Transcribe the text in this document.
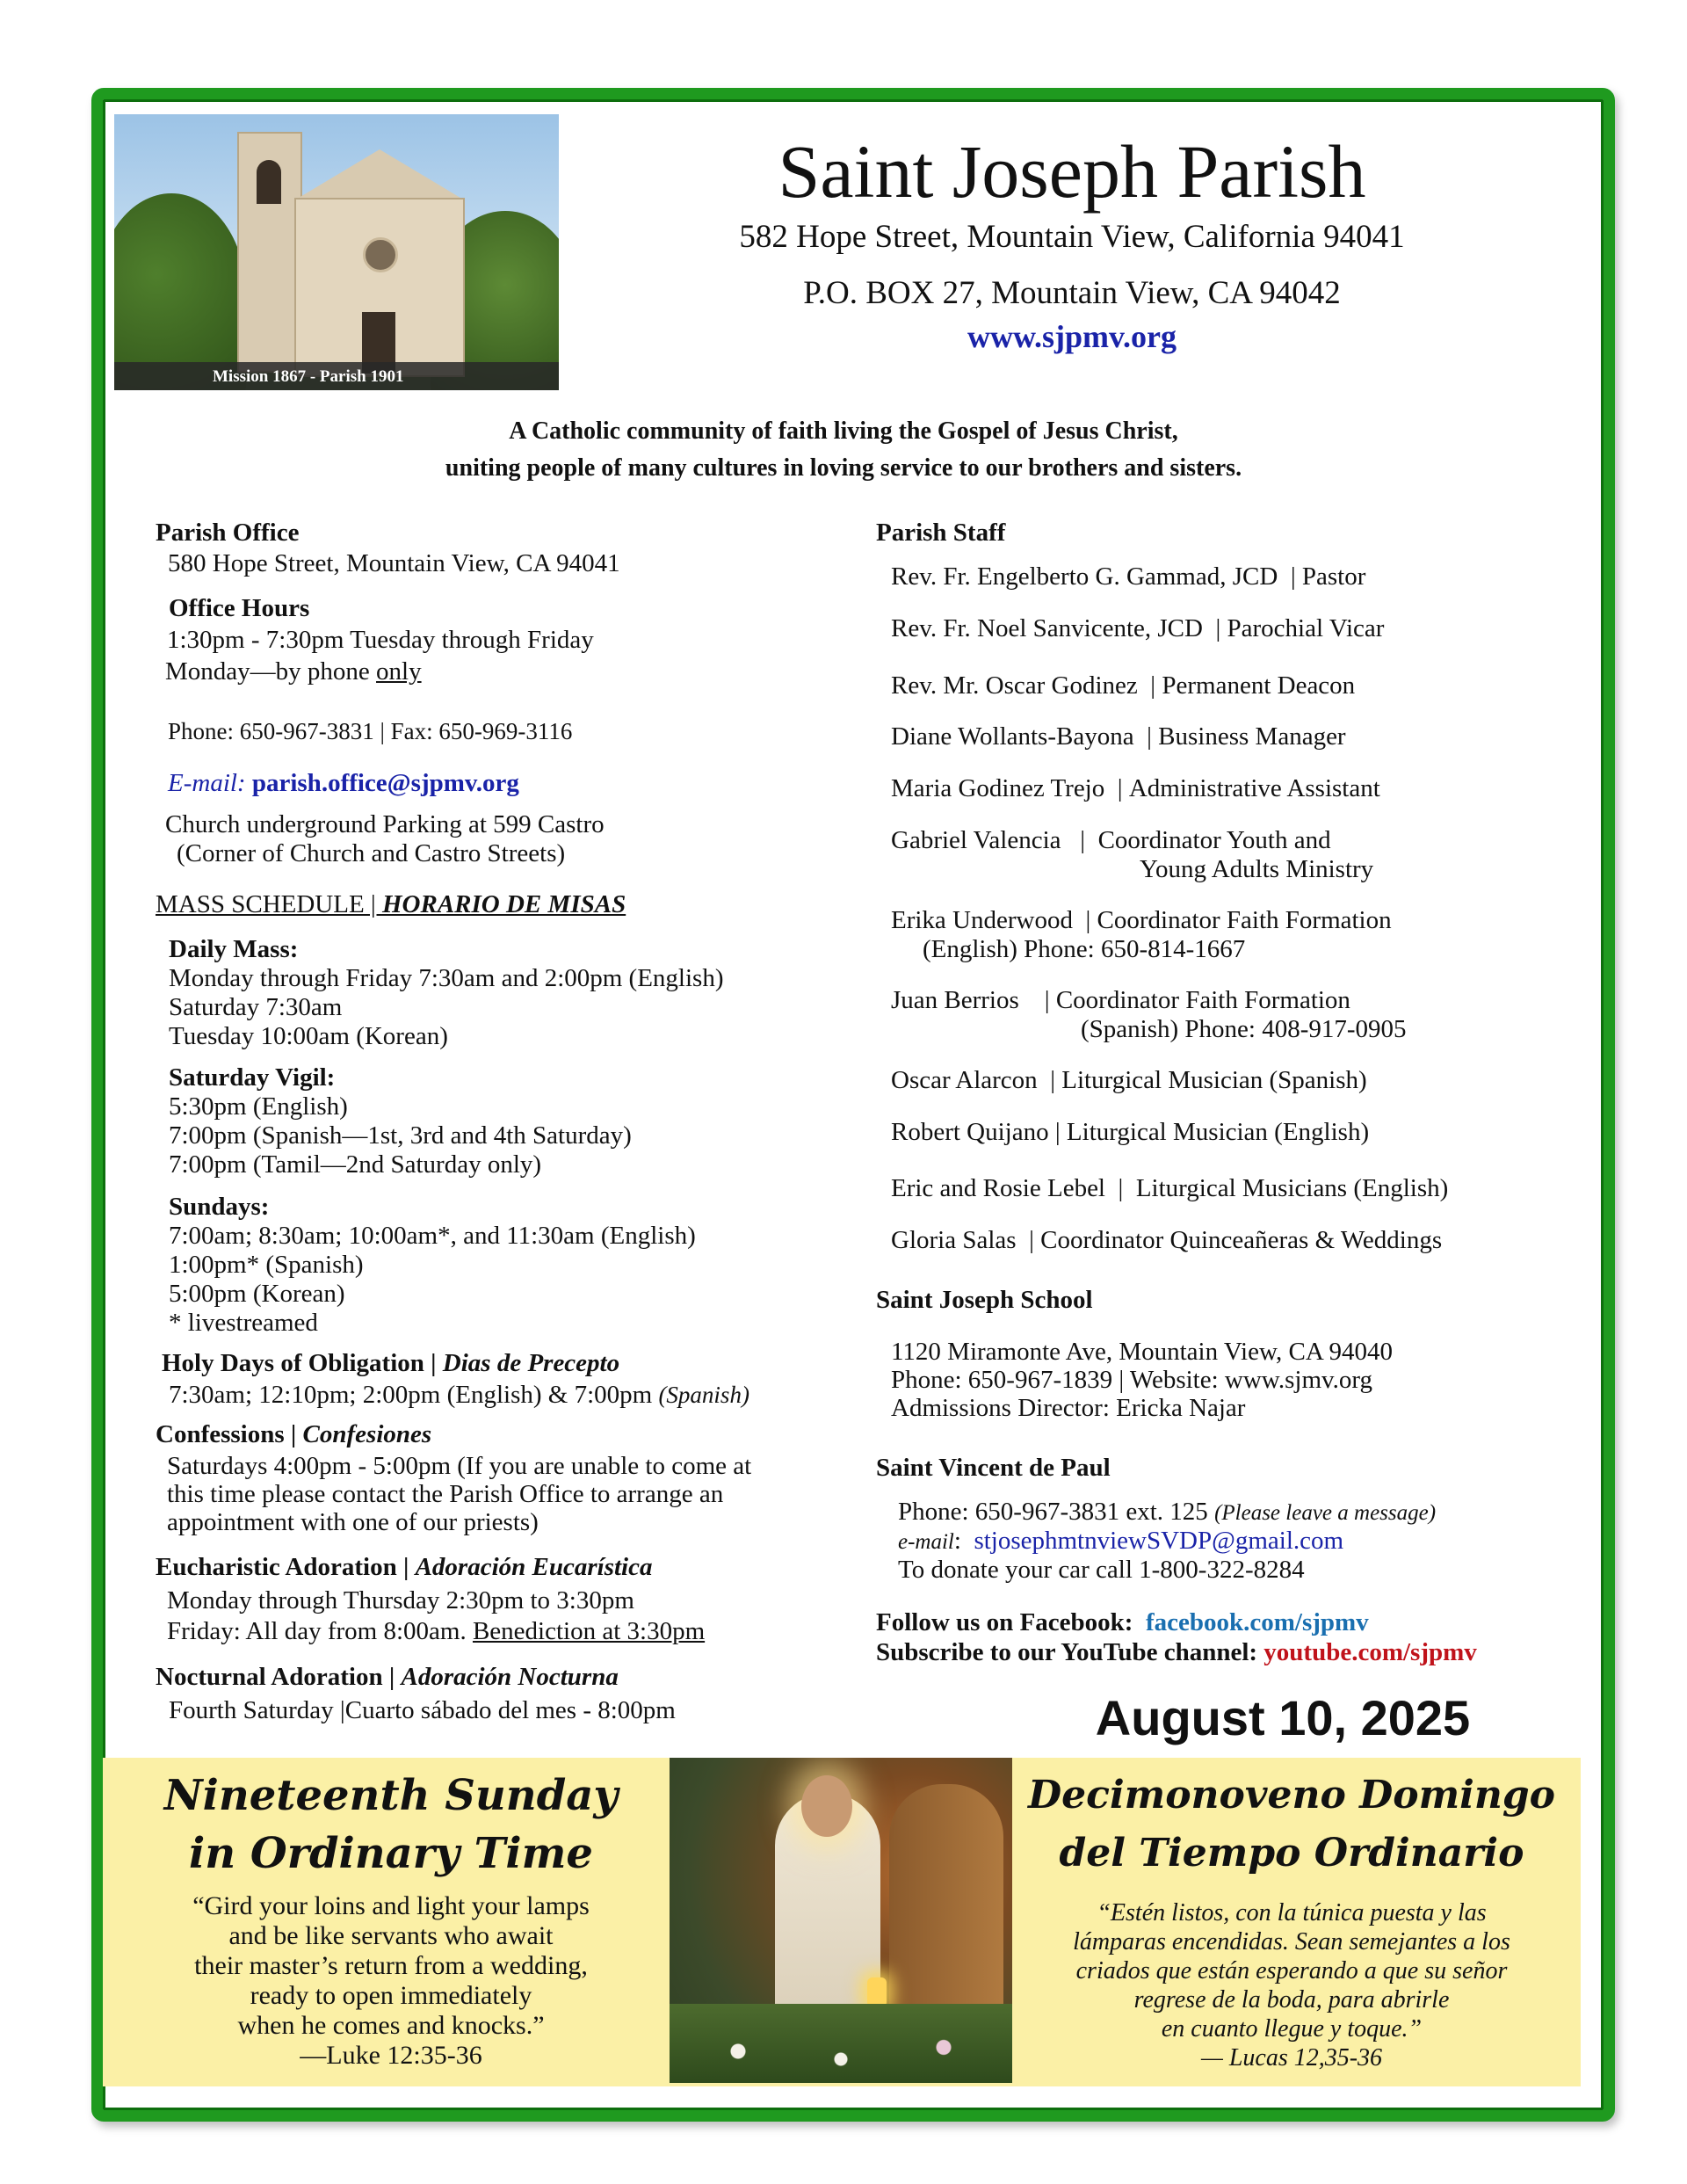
Mission 1867 - Parish 1901
Saint Joseph Parish
582 Hope Street, Mountain View, California 94041
P.O. BOX 27, Mountain View, CA 94042
www.sjpmv.org
A Catholic community of faith living the Gospel of Jesus Christ,
uniting people of many cultures in loving service to our brothers and sisters.
Parish Office
580 Hope Street, Mountain View, CA 94041
Office Hours
1:30pm - 7:30pm Tuesday through Friday
Monday—by phone only
Phone: 650-967-3831 | Fax: 650-969-3116
E-mail: parish.office@sjpmv.org
Church underground Parking at 599 Castro
(Corner of Church and Castro Streets)
MASS SCHEDULE | HORARIO DE MISAS
Daily Mass:
Monday through Friday 7:30am and 2:00pm (English)
Saturday 7:30am
Tuesday 10:00am (Korean)
Saturday Vigil:
5:30pm (English)
7:00pm (Spanish—1st, 3rd and 4th Saturday)
7:00pm (Tamil—2nd Saturday only)
Sundays:
7:00am; 8:30am; 10:00am*, and 11:30am (English)
1:00pm* (Spanish)
5:00pm (Korean)
* livestreamed
Holy Days of Obligation | Dias de Precepto
7:30am; 12:10pm; 2:00pm (English) & 7:00pm (Spanish)
Confessions | Confesiones
Saturdays 4:00pm - 5:00pm (If you are unable to come at
this time please contact the Parish Office to arrange an
appointment with one of our priests)
Eucharistic Adoration | Adoración Eucarística
Monday through Thursday 2:30pm to 3:30pm
Friday: All day from 8:00am. Benediction at 3:30pm
Nocturnal Adoration | Adoración Nocturna
Fourth Saturday |Cuarto sábado del mes - 8:00pm
Parish Staff
Rev. Fr. Engelberto G. Gammad, JCD  | Pastor
Rev. Fr. Noel Sanvicente, JCD  | Parochial Vicar
Rev. Mr. Oscar Godinez  | Permanent Deacon
Diane Wollants-Bayona  | Business Manager
Maria Godinez Trejo  | Administrative Assistant
Gabriel Valencia   |  Coordinator Youth and
Young Adults Ministry
Erika Underwood  | Coordinator Faith Formation
(English) Phone: 650-814-1667
Juan Berrios    | Coordinator Faith Formation
(Spanish) Phone: 408-917-0905
Oscar Alarcon  | Liturgical Musician (Spanish)
Robert Quijano | Liturgical Musician (English)
Eric and Rosie Lebel  |  Liturgical Musicians (English)
Gloria Salas  | Coordinator Quinceañeras & Weddings
Saint Joseph School
1120 Miramonte Ave, Mountain View, CA 94040
Phone: 650-967-1839 | Website: www.sjmv.org
Admissions Director: Ericka Najar
Saint Vincent de Paul
Phone: 650-967-3831 ext. 125 (Please leave a message)
e-mail:  stjosephmtnviewSVDP@gmail.com
To donate your car call 1-800-322-8284
Follow us on Facebook:  facebook.com/sjpmv
Subscribe to our YouTube channel: youtube.com/sjpmv
August 10, 2025
Nineteenth Sunday
in Ordinary Time
“Gird your loins and light your lamps
and be like servants who await
their master’s return from a wedding,
ready to open immediately
when he comes and knocks.”
—Luke 12:35-36
Decimonoveno Domingo
del Tiempo Ordinario
“Estén listos, con la túnica puesta y las
lámparas encendidas. Sean semejantes a los
criados que están esperando a que su señor
regrese de la boda, para abrirle
en cuanto llegue y toque.”
— Lucas 12,35-36
